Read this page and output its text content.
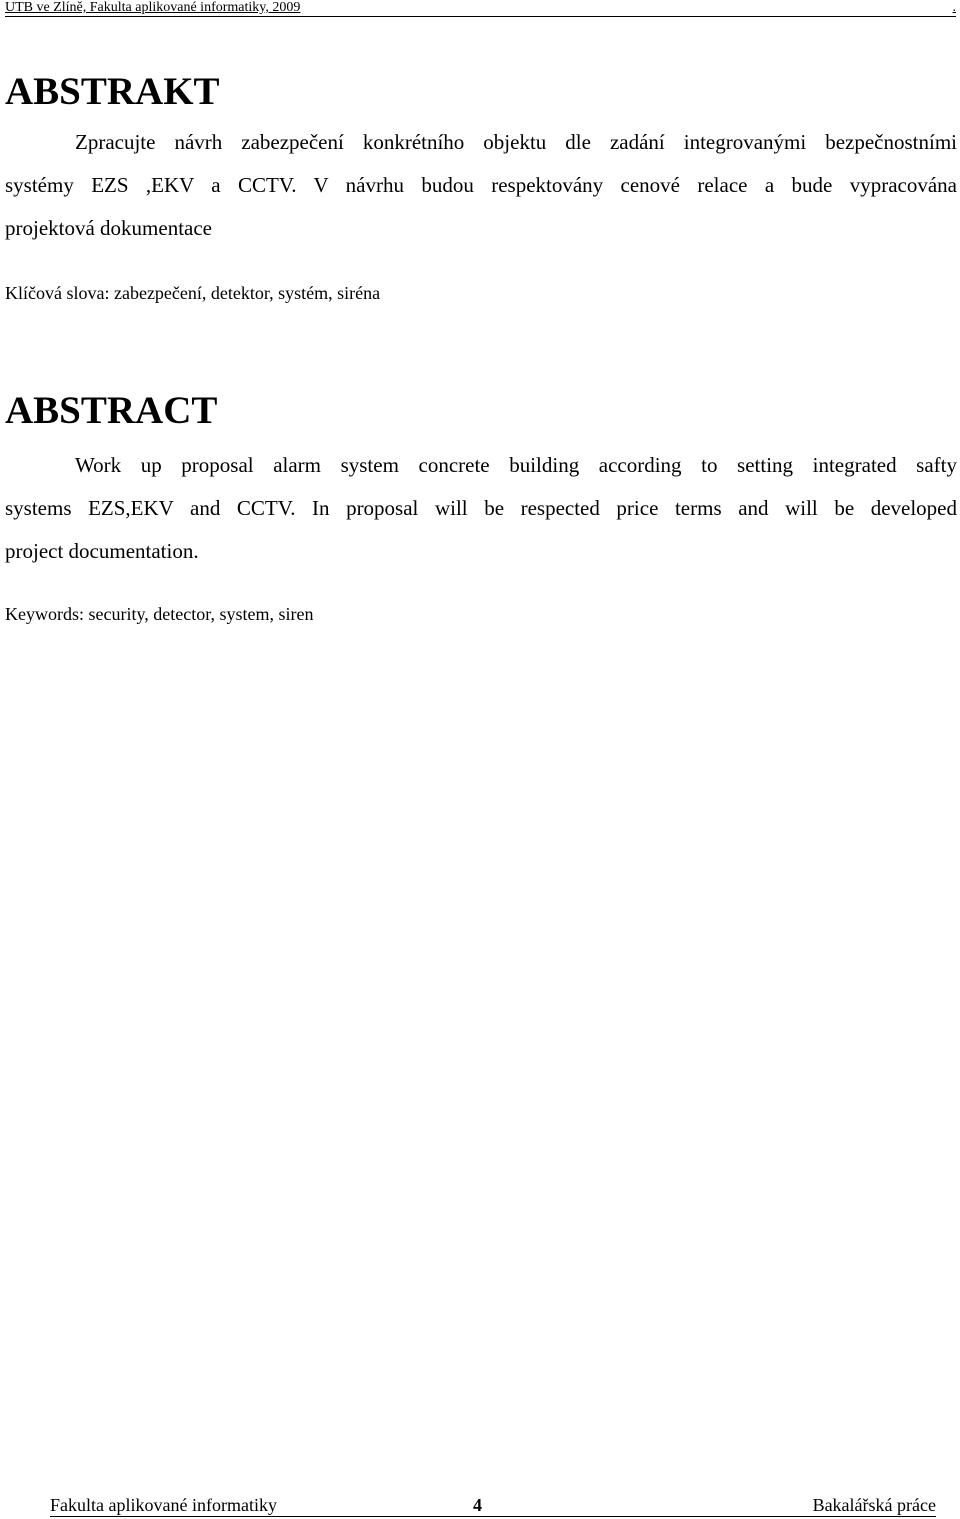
UTB ve Zlíně, Fakulta aplikované informatiky, 2009	.
ABSTRAKT
Zpracujte návrh zabezpečení konkrétního objektu dle zadání integrovanými bezpečnostními
systémy EZS ,EKV a CCTV. V návrhu budou respektovány cenové relace a bude vypracována
projektová dokumentace

Klíčová slova: zabezpečení, detektor, systém, siréna

ABSTRACT
Work up proposal alarm system concrete building according to setting integrated safty
systems EZS,EKV and CCTV. In proposal will be respected price terms and will be developed
project documentation.

Keywords: security, detector, system, siren

Fakulta aplikované informatiky	4	Bakalářská práce
